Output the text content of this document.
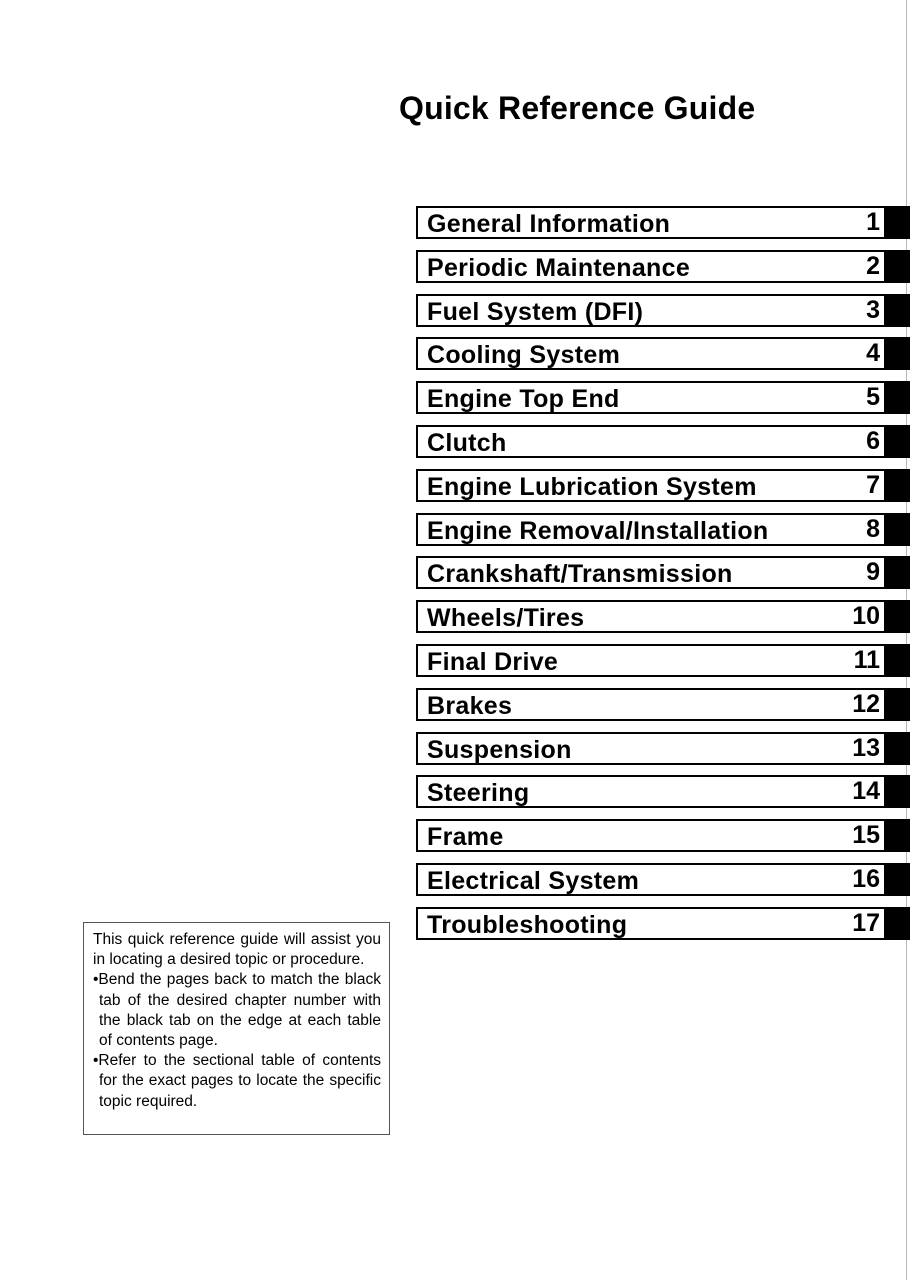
Quick Reference Guide
General Information	1
Periodic Maintenance	2
Fuel System (DFI)	3
Cooling System	4
Engine Top End	5
Clutch	6
Engine Lubrication System	7
Engine Removal/Installation	8
Crankshaft/Transmission	9
Wheels/Tires	10
Final Drive	11
Brakes	12
Suspension	13
Steering	14
Frame	15
Electrical System	16
Troubleshooting	17

This quick reference guide will assist you in locating a desired topic or procedure.

•Bend the pages back to match the black tab of the desired chapter number with the black tab on the edge at each table of contents page.

•Refer to the sectional table of contents for the exact pages to locate the specific topic required.
